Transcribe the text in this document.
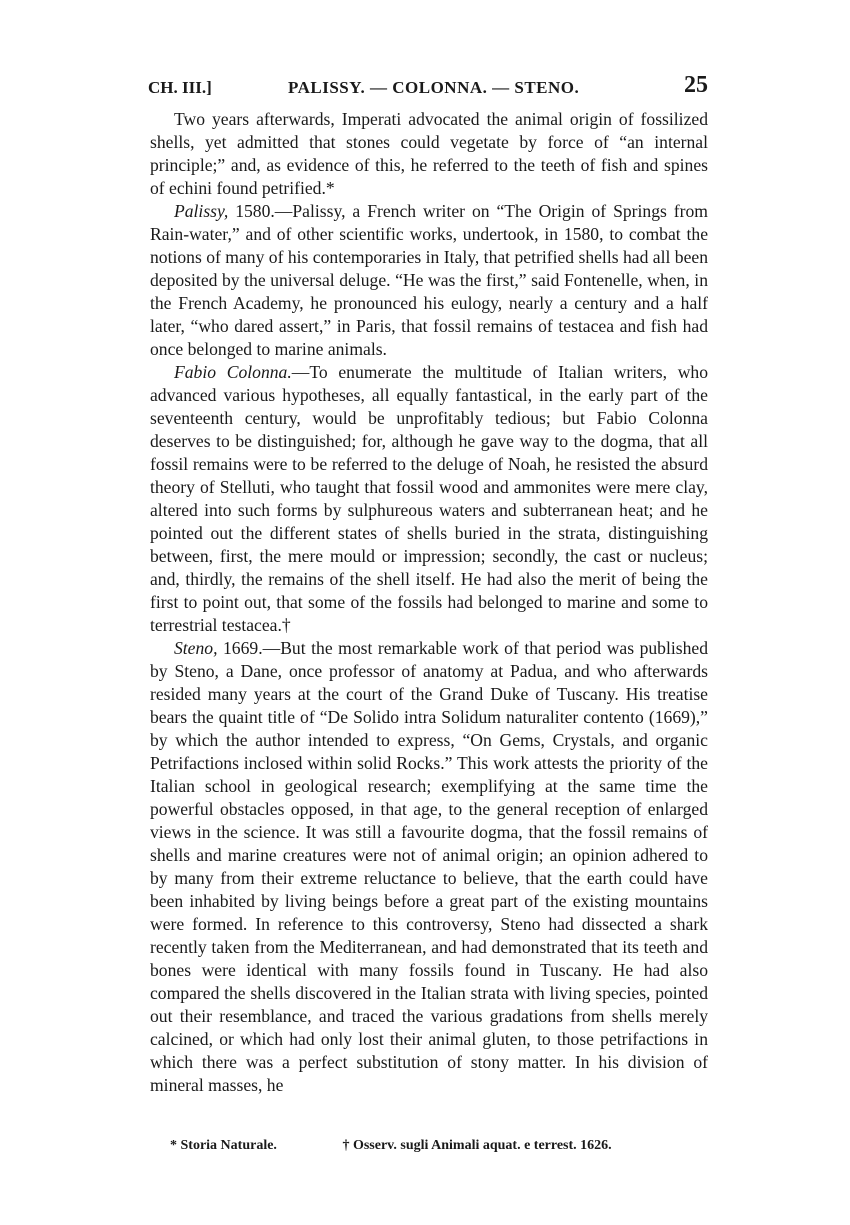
CH. III.]	PALISSY. — COLONNA. — STENO.	25

Two years afterwards, Imperati advocated the animal origin of fossilized shells, yet admitted that stones could vegetate by force of “an internal principle;” and, as evidence of this, he referred to the teeth of fish and spines of echini found petrified.*

Palissy, 1580.—Palissy, a French writer on “The Origin of Springs from Rain-water,” and of other scientific works, undertook, in 1580, to combat the notions of many of his contemporaries in Italy, that petrified shells had all been deposited by the universal deluge. “He was the first,” said Fontenelle, when, in the French Academy, he pronounced his eulogy, nearly a century and a half later, “who dared assert,” in Paris, that fossil remains of testacea and fish had once belonged to marine animals.

Fabio Colonna.—To enumerate the multitude of Italian writers, who advanced various hypotheses, all equally fantastical, in the early part of the seventeenth century, would be unprofitably tedious; but Fabio Colonna deserves to be distinguished; for, although he gave way to the dogma, that all fossil remains were to be referred to the deluge of Noah, he resisted the absurd theory of Stelluti, who taught that fossil wood and ammonites were mere clay, altered into such forms by sulphureous waters and subterranean heat; and he pointed out the different states of shells buried in the strata, distinguishing between, first, the mere mould or impression; secondly, the cast or nucleus; and, thirdly, the remains of the shell itself. He had also the merit of being the first to point out, that some of the fossils had belonged to marine and some to terrestrial testacea.†

Steno, 1669.—But the most remarkable work of that period was published by Steno, a Dane, once professor of anatomy at Padua, and who afterwards resided many years at the court of the Grand Duke of Tuscany. His treatise bears the quaint title of “De Solido intra Solidum naturaliter contento (1669),” by which the author intended to express, “On Gems, Crystals, and organic Petrifactions inclosed within solid Rocks.” This work attests the priority of the Italian school in geological research; exemplifying at the same time the powerful obstacles opposed, in that age, to the general reception of enlarged views in the science. It was still a favourite dogma, that the fossil remains of shells and marine creatures were not of animal origin; an opinion adhered to by many from their extreme reluctance to believe, that the earth could have been inhabited by living beings before a great part of the existing mountains were formed. In reference to this controversy, Steno had dissected a shark recently taken from the Mediterranean, and had demonstrated that its teeth and bones were identical with many fossils found in Tuscany. He had also compared the shells discovered in the Italian strata with living species, pointed out their resemblance, and traced the various gradations from shells merely calcined, or which had only lost their animal gluten, to those petrifactions in which there was a perfect substitution of stony matter. In his division of mineral masses, he

* Storia Naturale.	† Osserv. sugli Animali aquat. e terrest. 1626.
